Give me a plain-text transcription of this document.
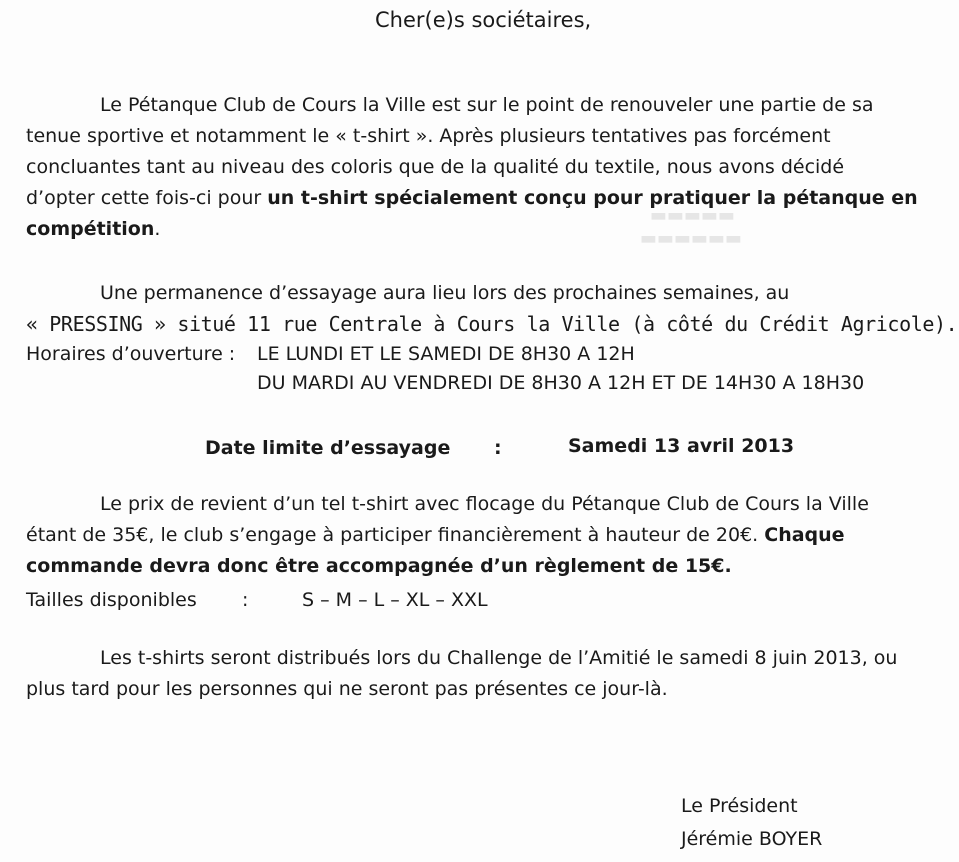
▬▬▬▬▬
▬▬▬▬▬▬
Cher(e)s sociétaires,
Le Pétanque Club de Cours la Ville est sur le point de renouveler une partie de sa
tenue sportive et notamment le « t-shirt ». Après plusieurs tentatives pas forcément
concluantes tant au niveau des coloris que de la qualité du textile, nous avons décidé
d’opter cette fois-ci pour un t-shirt spécialement conçu pour pratiquer la pétanque en
compétition.
Une permanence d’essayage aura lieu lors des prochaines semaines, au
« PRESSING » situé 11 rue Centrale à Cours la Ville (à côté du Crédit Agricole).
Horaires d’ouverture : LE LUNDI ET LE SAMEDI DE 8H30 A 12H
DU MARDI AU VENDREDI DE 8H30 A 12H ET DE 14H30 A 18H30
Date limite d’essayage :	Samedi 13 avril 2013
Le prix de revient d’un tel t-shirt avec flocage du Pétanque Club de Cours la Ville
étant de 35€, le club s’engage à participer financièrement à hauteur de 20€. Chaque
commande devra donc être accompagnée d’un règlement de 15€.
Tailles disponibles :	S – M – L – XL – XXL
Les t-shirts seront distribués lors du Challenge de l’Amitié le samedi 8 juin 2013, ou
plus tard pour les personnes qui ne seront pas présentes ce jour-là.
Le Président
Jérémie BOYER
